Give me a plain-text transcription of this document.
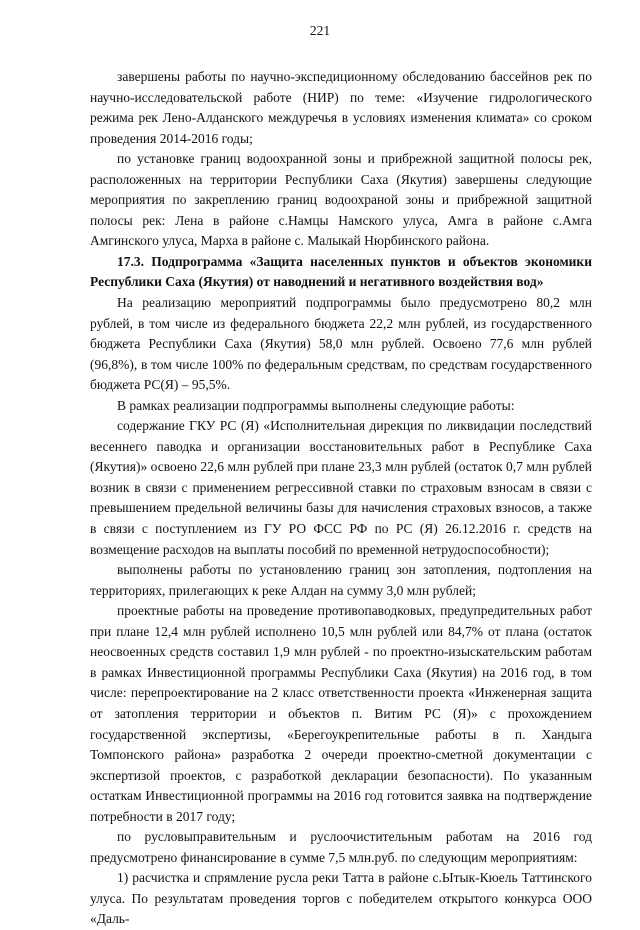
221

завершены работы по научно-экспедиционному обследованию бассейнов рек по научно-исследовательской работе (НИР) по теме: «Изучение гидрологического режима рек Лено-Алданского междуречья в условиях изменения климата» со сроком проведения 2014-2016 годы;

по установке границ водоохранной зоны и прибрежной защитной полосы рек, расположенных на территории Республики Саха (Якутия) завершены следующие мероприятия по закреплению границ водоохраной зоны и прибрежной защитной полосы рек: Лена в районе с.Намцы Намского улуса, Амга в районе с.Амга Амгинского улуса, Марха в районе с. Малыкай Нюрбинского района.

17.3. Подпрограмма «Защита населенных пунктов и объектов экономики Республики Саха (Якутия) от наводнений и негативного воздействия вод»

На реализацию мероприятий подпрограммы было предусмотрено 80,2 млн рублей, в том числе из федерального бюджета 22,2 млн рублей, из государственного бюджета Республики Саха (Якутия) 58,0 млн рублей. Освоено 77,6 млн рублей (96,8%), в том числе 100% по федеральным средствам, по средствам государственного бюджета РС(Я) – 95,5%.

В рамках реализации подпрограммы выполнены следующие работы:

содержание ГКУ РС (Я) «Исполнительная дирекция по ликвидации последствий весеннего паводка и организации восстановительных работ в Республике Саха (Якутия)» освоено 22,6 млн рублей при плане 23,3 млн рублей (остаток 0,7 млн рублей возник в связи с применением регрессивной ставки по страховым взносам в связи с превышением предельной величины базы для начисления страховых взносов, а также в связи с поступлением из ГУ РО ФСС РФ по РС (Я) 26.12.2016 г. средств на возмещение расходов на выплаты пособий по временной нетрудоспособности);

выполнены работы по установлению границ зон затопления, подтопления на территориях, прилегающих к реке Алдан на сумму 3,0 млн рублей;

проектные работы на проведение противопаводковых, предупредительных работ при плане 12,4 млн рублей исполнено 10,5 млн рублей или 84,7% от плана (остаток неосвоенных средств составил 1,9 млн рублей - по проектно-изыскательским работам в рамках Инвестиционной программы Республики Саха (Якутия) на 2016 год, в том числе: перепроектирование на 2 класс ответственности проекта «Инженерная защита от затопления территории и объектов п. Витим РС (Я)» с прохождением государственной экспертизы, «Берегоукрепительные работы в п. Хандыга Томпонского района» разработка 2 очереди проектно-сметной документации с экспертизой проектов, с разработкой декларации безопасности). По указанным остаткам Инвестиционной программы на 2016 год готовится заявка на подтверждение потребности в 2017 году;

по русловыправительным и руслоочистительным работам на 2016 год предусмотрено финансирование в сумме 7,5 млн.руб. по следующим мероприятиям:

1) расчистка и спрямление русла реки Татта в районе с.Ытык-Кюель Таттинского улуса. По результатам проведения торгов с победителем открытого конкурса ООО «Даль-
